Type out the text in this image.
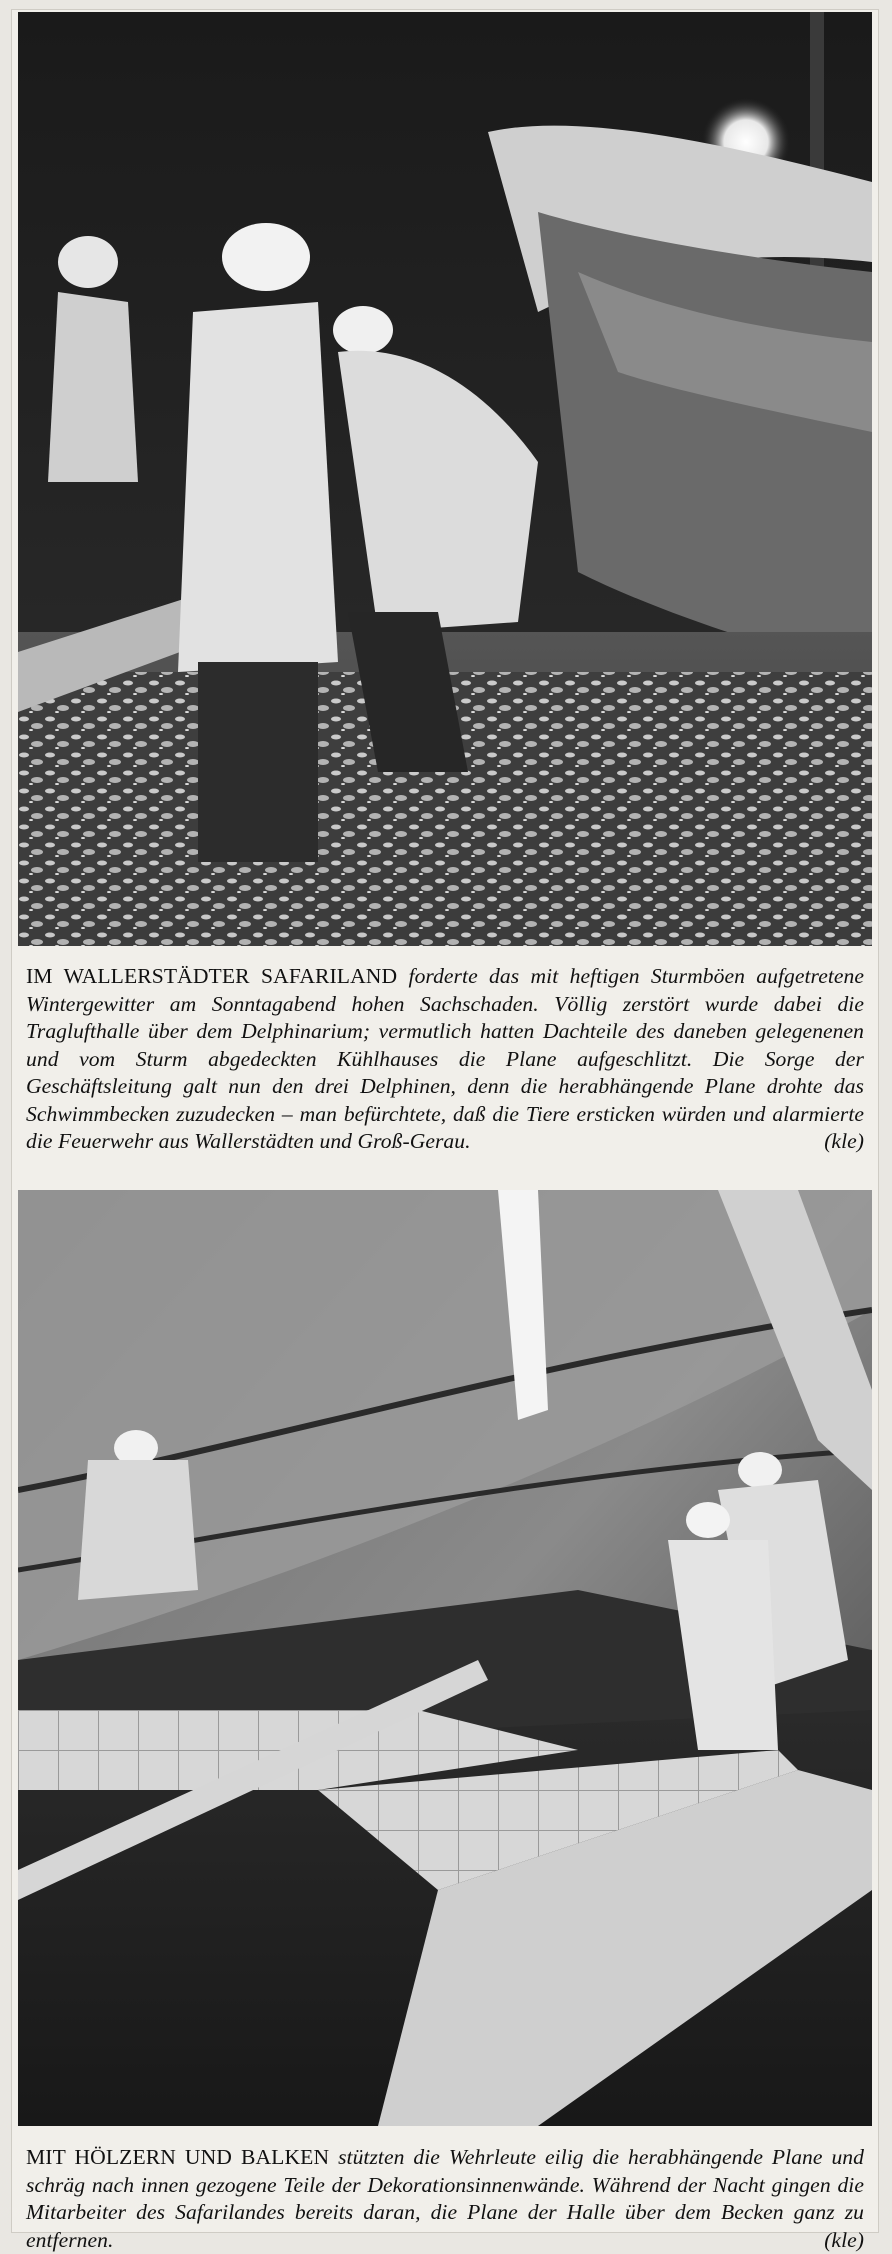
IM WALLERSTÄDTER SAFARILAND forderte das mit heftigen Sturmböen aufgetretene Wintergewitter am Sonntagabend hohen Sachschaden. Völlig zerstört wurde dabei die Traglufthalle über dem Delphinarium; vermutlich hatten Dachteile des daneben gelegenenen und vom Sturm abgedeckten Kühlhauses die Plane aufgeschlitzt. Die Sorge der Geschäftsleitung galt nun den drei Delphinen, denn die herabhängende Plane drohte das Schwimmbecken zuzudecken – man befürchtete, daß die Tiere ersticken würden und alarmierte die Feuerwehr aus Wallerstädten und Groß-Gerau.	(kle)
MIT HÖLZERN UND BALKEN stützten die Wehrleute eilig die herabhängende Plane und schräg nach innen gezogene Teile der Dekorationsinnenwände. Während der Nacht gingen die Mitarbeiter des Safarilandes bereits daran, die Plane der Halle über dem Becken ganz zu entfernen.	(kle)
